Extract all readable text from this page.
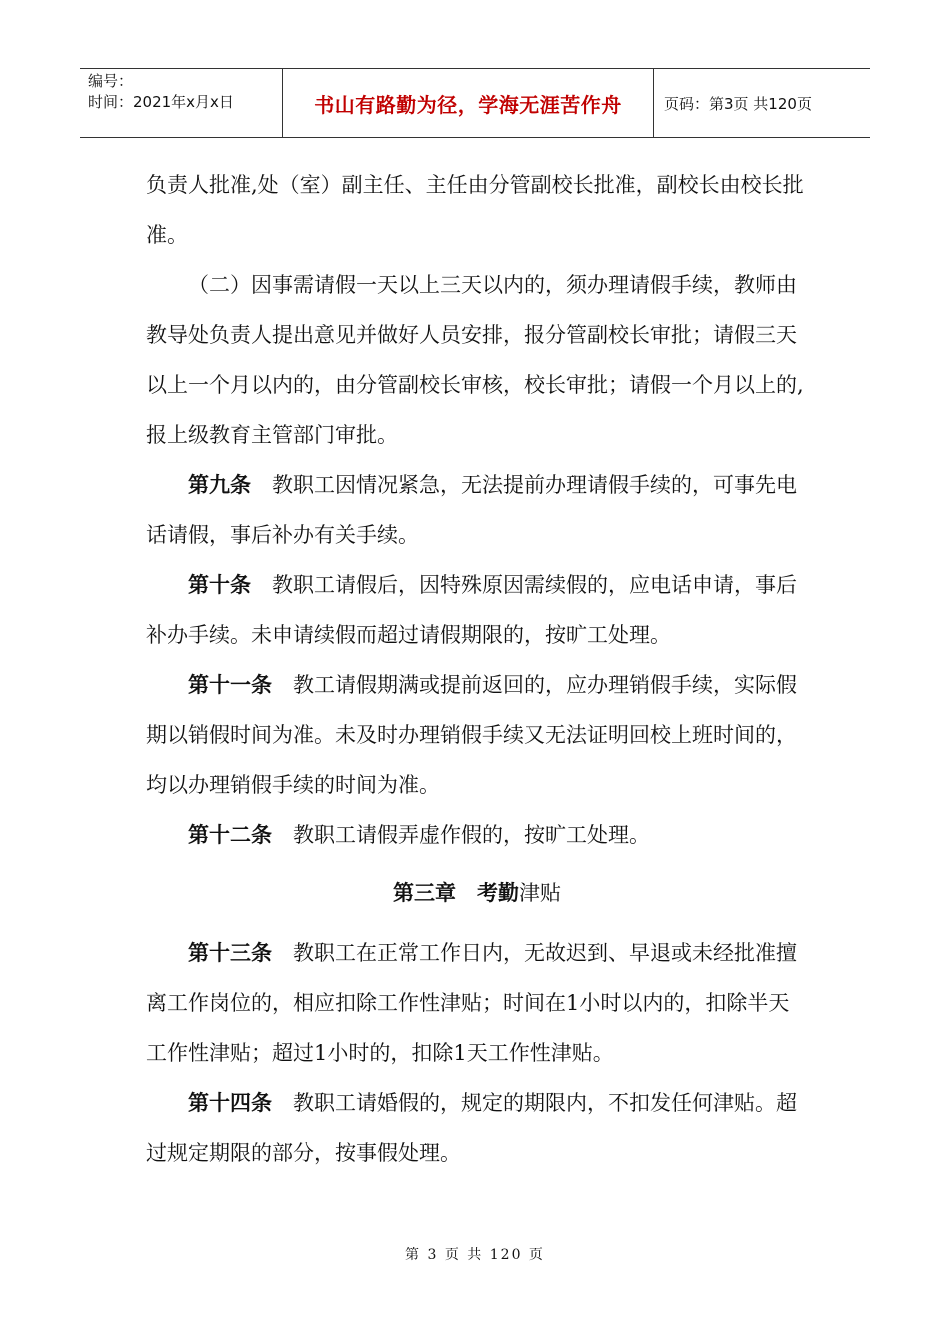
编号：
时间：2021年x月x日	书山有路勤为径，学海无涯苦作舟	页码：第3页 共120页

负责人批准,处（室）副主任、主任由分管副校长批准，副校长由校长批准。

（二）因事需请假一天以上三天以内的，须办理请假手续，教师由教导处负责人提出意见并做好人员安排，报分管副校长审批；请假三天以上一个月以内的，由分管副校长审核，校长审批；请假一个月以上的,报上级教育主管部门审批。

第九条　教职工因情况紧急，无法提前办理请假手续的，可事先电话请假，事后补办有关手续。

第十条　教职工请假后，因特殊原因需续假的，应电话申请，事后补办手续。未申请续假而超过请假期限的，按旷工处理。

第十一条　教工请假期满或提前返回的，应办理销假手续，实际假期以销假时间为准。未及时办理销假手续又无法证明回校上班时间的，均以办理销假手续的时间为准。

第十二条　教职工请假弄虚作假的，按旷工处理。

第三章　考勤津贴

第十三条　教职工在正常工作日内，无故迟到、早退或未经批准擅离工作岗位的，相应扣除工作性津贴；时间在1小时以内的，扣除半天工作性津贴；超过1小时的，扣除1天工作性津贴。

第十四条　教职工请婚假的，规定的期限内，不扣发任何津贴。超过规定期限的部分，按事假处理。

第 3 页 共 120 页
